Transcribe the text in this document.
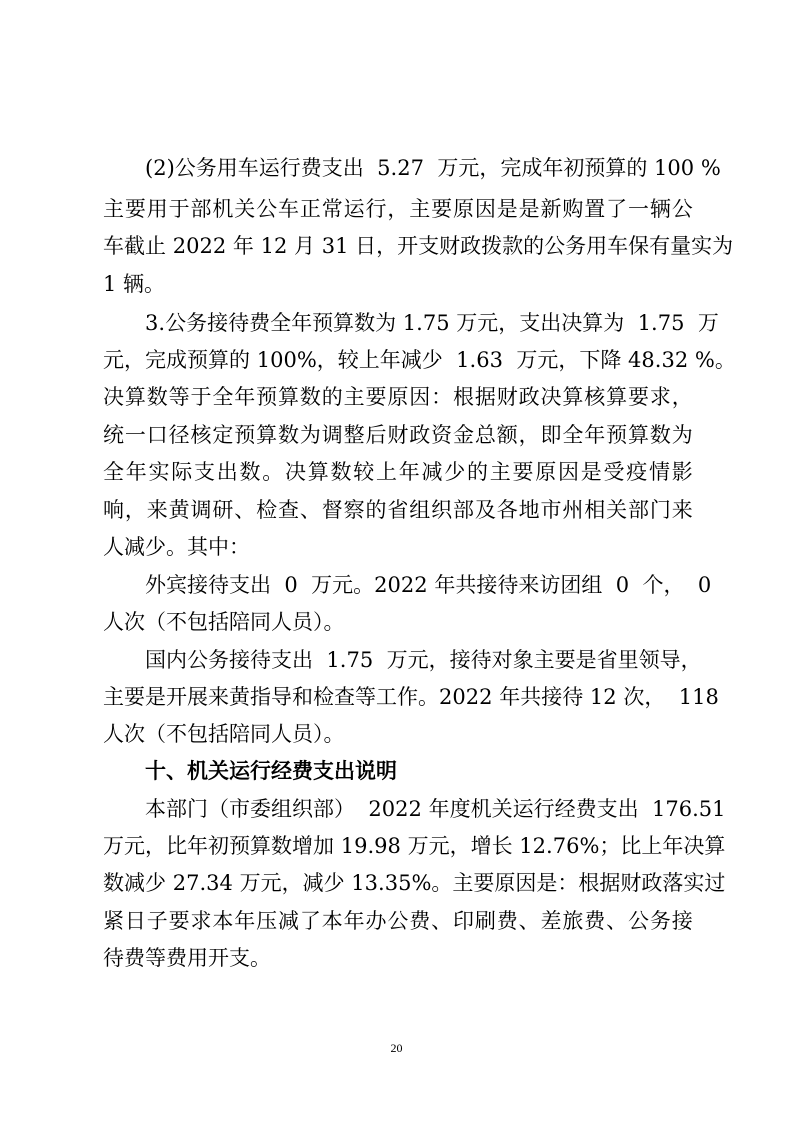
( 2 ) 公 务 用 车 运 行 费 支 出

5 . 2 7

万 元 ， 完 成 年 初 预 算 的
1 0 0
%
主 要 用 于 部 机 关 公 车 正 常 运 行 ， 主 要 原 因 是 是 新 购 置 了 一 辆 公
车 截 止
2 0 2 2
年
1 2
月
3 1
日 ， 开 支 财 政 拨 款 的 公 务 用 车 保 有 量 实 为
1 辆。
3 . 公 务 接 待 费 全 年 预 算 数 为
1 . 7 5
万 元 ， 支 出 决 算 为

1 . 7 5

万
元 ， 完 成 预 算 的
1 0 0 % ， 较 上 年 减 少

1 . 6 3

万 元 ， 下 降
4 8 . 3 2
% 。
决 算 数 等 于 全 年 预 算 数 的 主 要 原 因 ： 根 据 财 政 决 算 核 算 要 求 ，
统 一 口 径 核 定 预 算 数 为 调 整 后 财 政 资 金 总 额 ， 即 全 年 预 算 数 为
全 年 实 际 支 出 数 。 决 算 数 较 上 年 减 少 的 主 要 原 因 是 受 疫 情 影
响 ， 来 黄 调 研 、 检 查 、 督 察 的 省 组 织 部 及 各 地 市 州 相 关 部 门 来
人减少。其中：
外 宾 接 待 支 出

0

万 元 。 2 0 2 2
年 共 接 待 来 访 团 组

0

个 ，

0
人次（不包括陪同人员）。
国 内 公 务 接 待 支 出

1 . 7 5

万 元 ， 接 待 对 象 主 要 是 省 里 领 导 ，
主 要 是 开 展 来 黄 指 导 和 检 查 等 工 作 。 2 0 2 2
年 共 接 待
1 2
次 ，

1 1 8
人次（不包括陪同人员）。
十、机关运行经费支出说明
本 部 门 （ 市 委 组 织 部 ）

2 0 2 2
年 度 机 关 运 行 经 费 支 出

1 7 6 . 5 1
万 元 ， 比 年 初 预 算 数 增 加
1 9 . 9 8
万 元 ， 增 长
1 2 . 7 6 % ； 比 上 年 决 算
数 减 少
2 7 . 3 4
万 元 ， 减 少
1 3 . 3 5 % 。 主 要 原 因 是 ： 根 据 财 政 落 实 过
紧 日 子 要 求 本 年 压 减 了 本 年 办 公 费 、 印 刷 费 、 差 旅 费 、 公 务 接
待费等费用开支。
20
